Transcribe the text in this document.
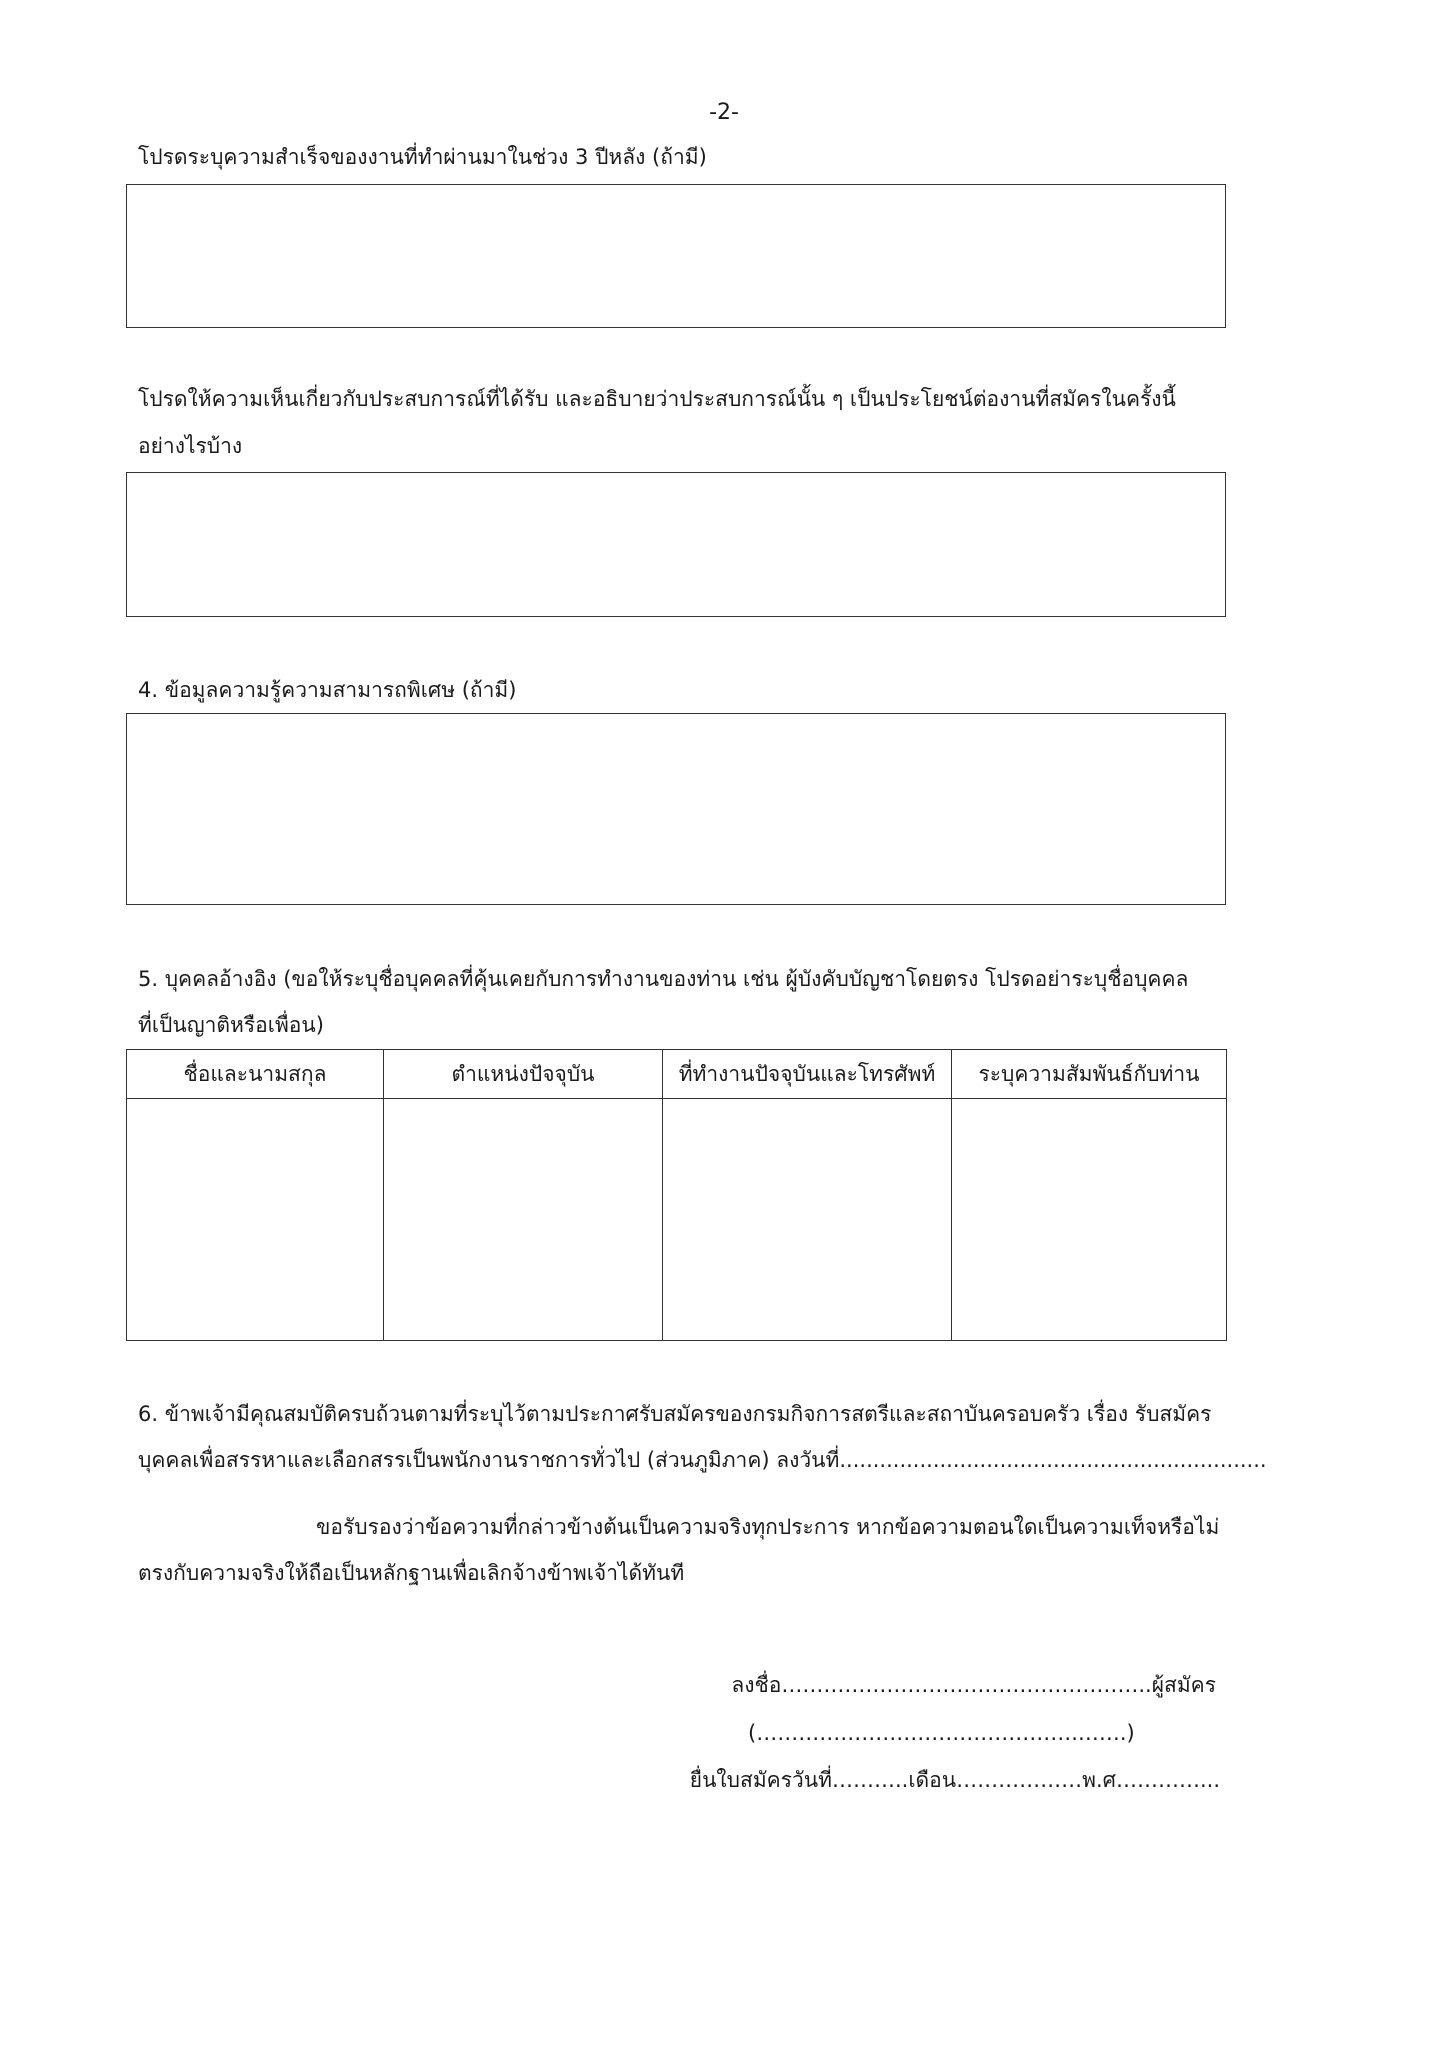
-2-
โปรดระบุความสำเร็จของงานที่ทำผ่านมาในช่วง 3 ปีหลัง (ถ้ามี)
โปรดให้ความเห็นเกี่ยวกับประสบการณ์ที่ได้รับ และอธิบายว่าประสบการณ์นั้น ๆ เป็นประโยชน์ต่องานที่สมัครในครั้งนี้
อย่างไรบ้าง
4. ข้อมูลความรู้ความสามารถพิเศษ (ถ้ามี)
5. บุคคลอ้างอิง (ขอให้ระบุชื่อบุคคลที่คุ้นเคยกับการทำงานของท่าน เช่น ผู้บังคับบัญชาโดยตรง โปรดอย่าระบุชื่อบุคคล
ที่เป็นญาติหรือเพื่อน)
ชื่อและนามสกุล	ตำแหน่งปัจจุบัน	ที่ทำงานปัจจุบันและโทรศัพท์	ระบุความสัมพันธ์กับท่าน

6. ข้าพเจ้ามีคุณสมบัติครบถ้วนตามที่ระบุไว้ตามประกาศรับสมัครของกรมกิจการสตรีและสถาบันครอบครัว เรื่อง รับสมัคร
บุคคลเพื่อสรรหาและเลือกสรรเป็นพนักงานราชการทั่วไป (ส่วนภูมิภาค) ลงวันที่................................................................
ขอรับรองว่าข้อความที่กล่าวข้างต้นเป็นความจริงทุกประการ หากข้อความตอนใดเป็นความเท็จหรือไม่
ตรงกับความจริงให้ถือเป็นหลักฐานเพื่อเลิกจ้างข้าพเจ้าได้ทันที
ลงชื่อ……………………………………………..ผู้สมัคร
(……………………………………….…….)
ยื่นใบสมัครวันที่………..เดือน………………พ.ศ…………...
